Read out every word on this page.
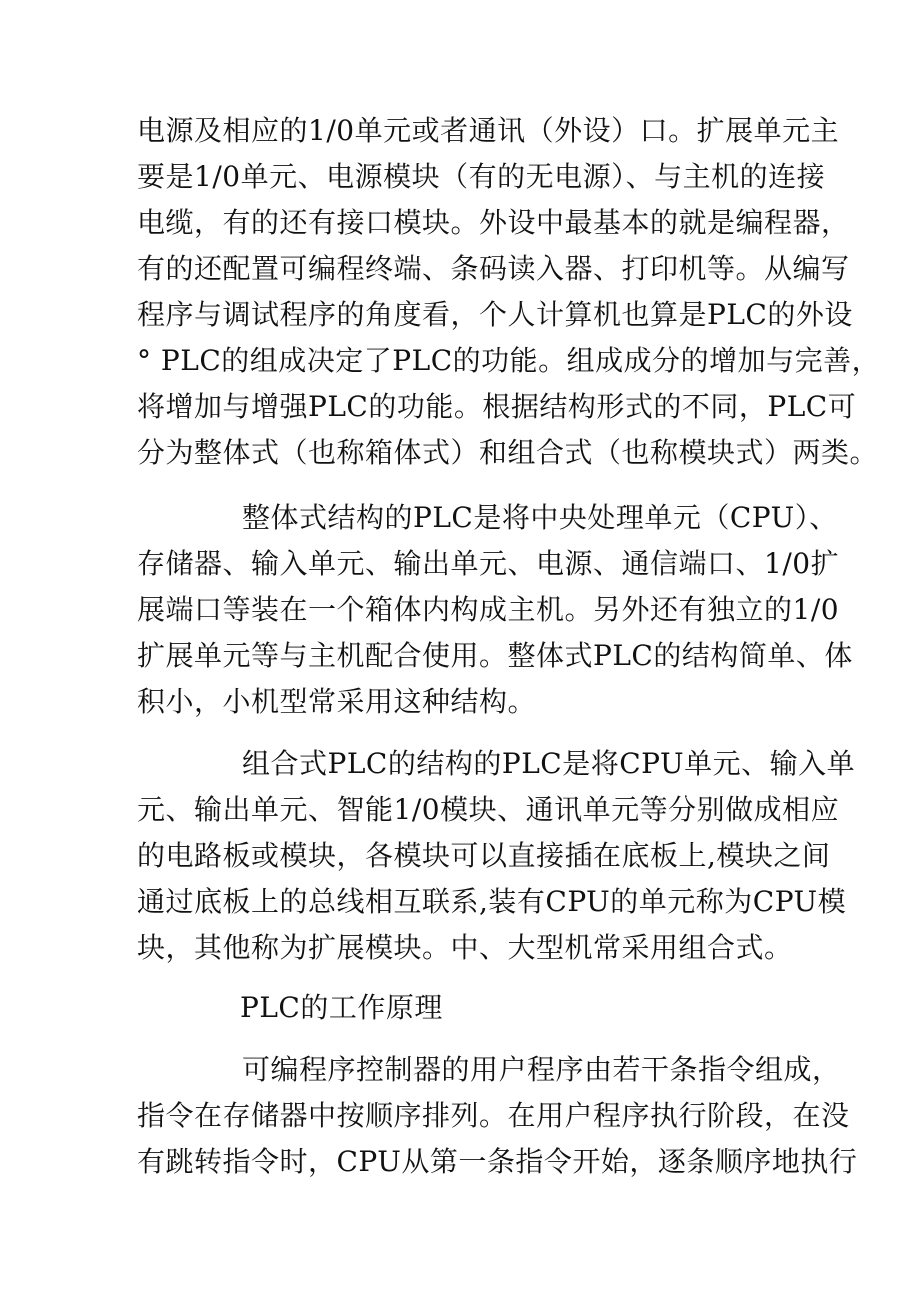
电源及相应的1/0单元或者通讯（外设）口。扩展单元主
要是1/0单元、电源模块（有的无电源）、与主机的连接
电缆，有的还有接口模块。外设中最基本的就是编程器，
有的还配置可编程终端、条码读入器、打印机等。从编写
程序与调试程序的角度看，个人计算机也算是PLC的外设
° PLC的组成决定了PLC的功能。组成成分的增加与完善，
将增加与增强PLC的功能。根据结构形式的不同，PLC可
分为整体式（也称箱体式）和组合式（也称模块式）两类。
整体式结构的PLC是将中央处理单元（CPU）、
存储器、输入单元、输出单元、电源、通信端口、1/0扩
展端口等装在一个箱体内构成主机。另外还有独立的1/0
扩展单元等与主机配合使用。整体式PLC的结构简单、体
积小，小机型常采用这种结构。
组合式PLC的结构的PLC是将CPU单元、输入单
元、输出单元、智能1/0模块、通讯单元等分别做成相应
的电路板或模块，各模块可以直接插在底板上,模块之间
通过底板上的总线相互联系,装有CPU的单元称为CPU模
块，其他称为扩展模块。中、大型机常采用组合式。
PLC的工作原理
可编程序控制器的用户程序由若干条指令组成，
指令在存储器中按顺序排列。在用户程序执行阶段，在没
有跳转指令时，CPU从第一条指令开始，逐条顺序地执行
